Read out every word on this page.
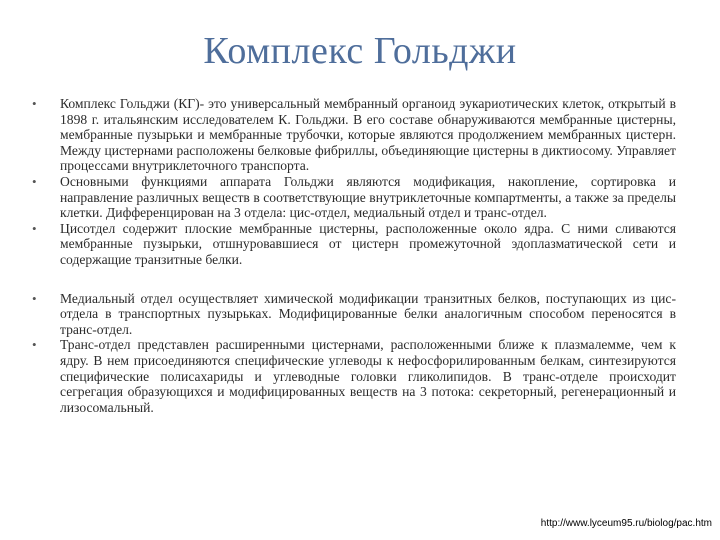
Комплекс Гольджи
• Комплекс Гольджи (КГ)- это универсальный мембранный органоид эукариотических клеток, открытый в 1898 г. итальянским исследователем К. Гольджи. В его составе обнаруживаются мембранные цистерны, мембранные пузырьки и мембранные трубочки, которые являются продолжением мембранных цистерн. Между цистернами расположены белковые фибриллы, объединяющие цистерны в диктиосому. Управляет процессами внутриклеточного транспорта.
• Основными функциями аппарата Гольджи являются модификация, накопление, сортировка и направление различных веществ в соответствующие внутриклеточные компартменты, а также за пределы клетки. Дифференцирован на 3 отдела: цис-отдел, медиальный отдел и транс-отдел.
• Цисотдел содержит плоские мембранные цистерны, расположенные около ядра. С ними сливаются мембранные пузырьки, отшнуровавшиеся от цистерн промежуточной эдоплазматической сети и содержащие транзитные белки.
• Медиальный отдел осуществляет химической модификации транзитных белков, поступающих из цис-отдела в транспортных пузырьках. Модифицированные белки аналогичным способом переносятся в транс-отдел.
• Транс-отдел представлен расширенными цистернами, расположенными ближе к плазмалемме, чем к ядру. В нем присоединяются специфические углеводы к нефосфорилированным белкам, синтезируются специфические полисахариды и углеводные головки гликолипидов. В транс-отделе происходит сегрегация образующихся и модифицированных веществ на 3 потока: секреторный, регенерационный и лизосомальный.
http://www.lyceum95.ru/biolog/pac.htm
